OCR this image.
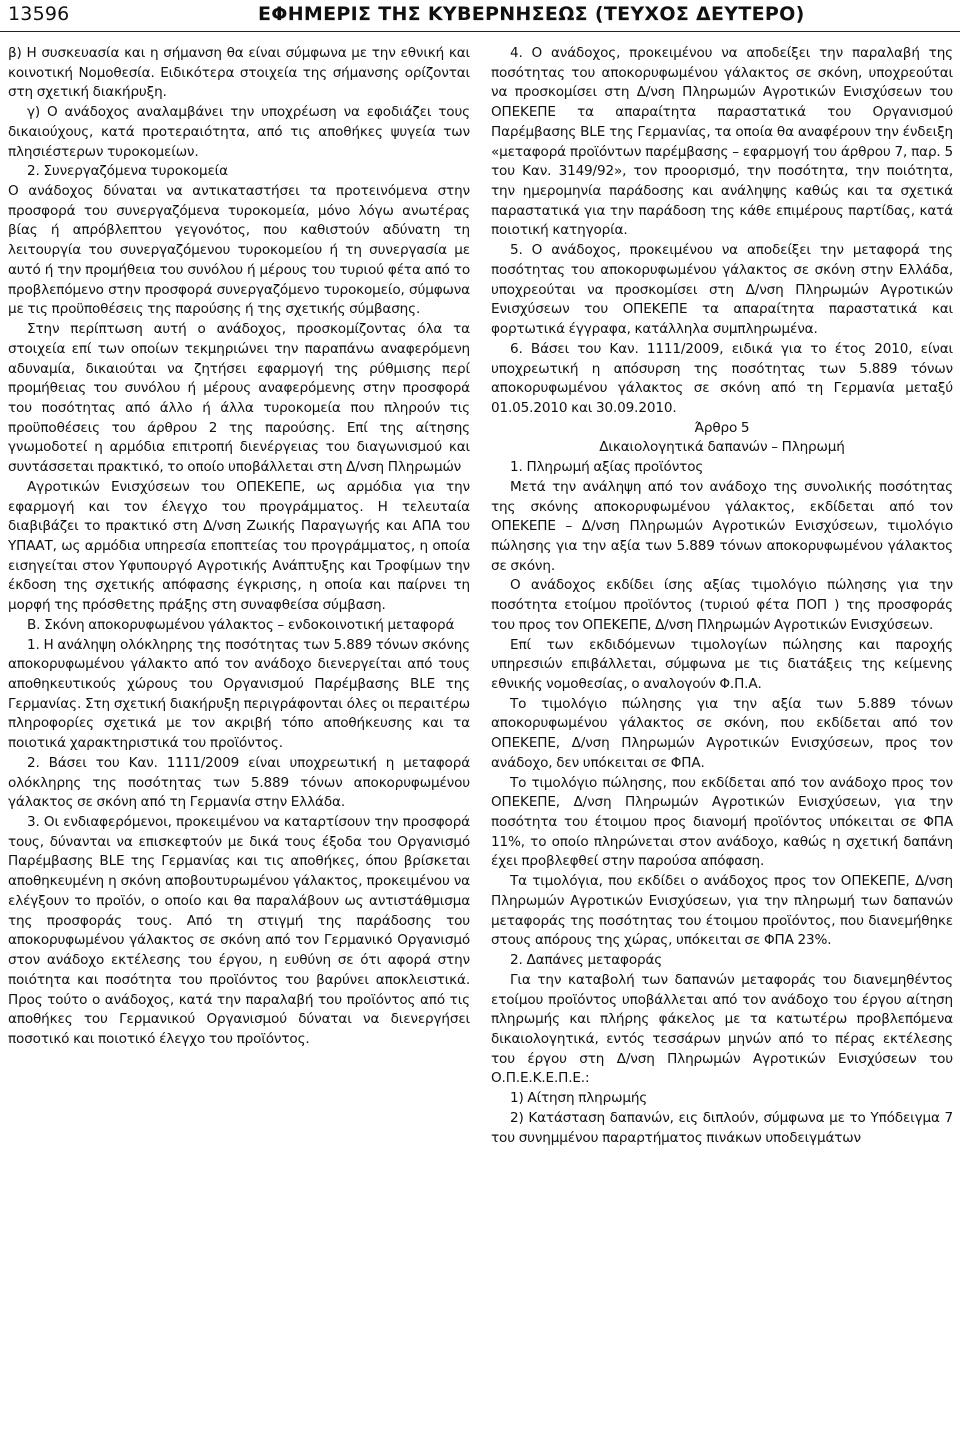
13596	ΕΦΗΜΕΡΙΣ ΤΗΣ ΚΥΒΕΡΝΗΣΕΩΣ (ΤΕΥΧΟΣ ΔΕΥΤΕΡΟ)

β) Η συσκευασία και η σήμανση θα είναι σύμφωνα με την εθνική και κοινοτική Νομοθεσία. Ειδικότερα στοιχεία της σήμανσης ορίζονται στη σχετική διακήρυξη.

γ) Ο ανάδοχος αναλαμβάνει την υποχρέωση να εφοδιάζει τους δικαιούχους, κατά προτεραιότητα, από τις αποθήκες ψυγεία των πλησιέστερων τυροκομείων.

2. Συνεργαζόμενα τυροκομεία

Ο ανάδοχος δύναται να αντικαταστήσει τα προτεινόμενα στην προσφορά του συνεργαζόμενα τυροκομεία, μόνο λόγω ανωτέρας βίας ή απρόβλεπτου γεγονότος, που καθιστούν αδύνατη τη λειτουργία του συνεργαζόμενου τυροκομείου ή τη συνεργασία με αυτό ή την προμήθεια του συνόλου ή μέρους του τυριού φέτα από το προβλεπόμενο στην προσφορά συνεργαζόμενο τυροκομείο, σύμφωνα με τις προϋποθέσεις της παρούσης ή της σχετικής σύμβασης.

Στην περίπτωση αυτή ο ανάδοχος, προσκομίζοντας όλα τα στοιχεία επί των οποίων τεκμηριώνει την παραπάνω αναφερόμενη αδυναμία, δικαιούται να ζητήσει εφαρμογή της ρύθμισης περί προμήθειας του συνόλου ή μέρους αναφερόμενης στην προσφορά του ποσότητας από άλλο ή άλλα τυροκομεία που πληρούν τις προϋποθέσεις του άρθρου 2 της παρούσης. Επί της αίτησης γνωμοδοτεί η αρμόδια επιτροπή διενέργειας του διαγωνισμού και συντάσσεται πρακτικό, το οποίο υποβάλλεται στη Δ/νση Πληρωμών

Αγροτικών Ενισχύσεων του ΟΠΕΚΕΠΕ, ως αρμόδια για την εφαρμογή και τον έλεγχο του προγράμματος. Η τελευταία διαβιβάζει το πρακτικό στη Δ/νση Ζωικής Παραγωγής και ΑΠΑ του ΥΠΑΑΤ, ως αρμόδια υπηρεσία εποπτείας του προγράμματος, η οποία εισηγείται στον Υφυπουργό Αγροτικής Ανάπτυξης και Τροφίμων την έκδοση της σχετικής απόφασης έγκρισης, η οποία και παίρνει τη μορφή της πρόσθετης πράξης στη συναφθείσα σύμβαση.

Β. Σκόνη αποκορυφωμένου γάλακτος – ενδοκοινοτική μεταφορά

1. Η ανάληψη ολόκληρης της ποσότητας των 5.889 τόνων σκόνης αποκορυφωμένου γάλακτο από τον ανάδοχο διενεργείται από τους αποθηκευτικούς χώρους του Οργανισμού Παρέμβασης BLE της Γερμανίας. Στη σχετική διακήρυξη περιγράφονται όλες οι περαιτέρω πληροφορίες σχετικά με τον ακριβή τόπο αποθήκευσης και τα ποιοτικά χαρακτηριστικά του προϊόντος.

2. Βάσει του Καν. 1111/2009 είναι υποχρεωτική η μεταφορά ολόκληρης της ποσότητας των 5.889 τόνων αποκορυφωμένου γάλακτος σε σκόνη από τη Γερμανία στην Ελλάδα.

3. Οι ενδιαφερόμενοι, προκειμένου να καταρτίσουν την προσφορά τους, δύνανται να επισκεφτούν με δικά τους έξοδα του Οργανισμό Παρέμβασης BLE της Γερμανίας και τις αποθήκες, όπου βρίσκεται αποθηκευμένη η σκόνη αποβουτυρωμένου γάλακτος, προκειμένου να ελέγξουν το προϊόν, ο οποίο και θα παραλάβουν ως αντιστάθμισμα της προσφοράς τους. Από τη στιγμή της παράδοσης του αποκορυφωμένου γάλακτος σε σκόνη από τον Γερμανικό Οργανισμό στον ανάδοχο εκτέλεσης του έργου, η ευθύνη σε ότι αφορά στην ποιότητα και ποσότητα του προϊόντος του βαρύνει αποκλειστικά. Προς τούτο ο ανάδοχος, κατά την παραλαβή του προϊόντος από τις αποθήκες του Γερμανικού Οργανισμού δύναται να διενεργήσει ποσοτικό και ποιοτικό έλεγχο του προϊόντος.

4. Ο ανάδοχος, προκειμένου να αποδείξει την παραλαβή της ποσότητας του αποκορυφωμένου γάλακτος σε σκόνη, υποχρεούται να προσκομίσει στη Δ/νση Πληρωμών Αγροτικών Ενισχύσεων του ΟΠΕΚΕΠΕ τα απαραίτητα παραστατικά του Οργανισμού Παρέμβασης BLE της Γερμανίας, τα οποία θα αναφέρουν την ένδειξη «μεταφορά προϊόντων παρέμβασης – εφαρμογή του άρθρου 7, παρ. 5 του Καν. 3149/92», τον προορισμό, την ποσότητα, την ποιότητα, την ημερομηνία παράδοσης και ανάληψης καθώς και τα σχετικά παραστατικά για την παράδοση της κάθε επιμέρους παρτίδας, κατά ποιοτική κατηγορία.

5. Ο ανάδοχος, προκειμένου να αποδείξει την μεταφορά της ποσότητας του αποκορυφωμένου γάλακτος σε σκόνη στην Ελλάδα, υποχρεούται να προσκομίσει στη Δ/νση Πληρωμών Αγροτικών Ενισχύσεων του ΟΠΕΚΕΠΕ τα απαραίτητα παραστατικά και φορτωτικά έγγραφα, κατάλληλα συμπληρωμένα.

6. Βάσει του Καν. 1111/2009, ειδικά για το έτος 2010, είναι υποχρεωτική η απόσυρση της ποσότητας των 5.889 τόνων αποκορυφωμένου γάλακτος σε σκόνη από τη Γερμανία μεταξύ 01.05.2010 και 30.09.2010.

Άρθρο 5

Δικαιολογητικά δαπανών – Πληρωμή

1. Πληρωμή αξίας προϊόντος

Μετά την ανάληψη από τον ανάδοχο της συνολικής ποσότητας της σκόνης αποκορυφωμένου γάλακτος, εκδίδεται από τον ΟΠΕΚΕΠΕ – Δ/νση Πληρωμών Αγροτικών Ενισχύσεων, τιμολόγιο πώλησης για την αξία των 5.889 τόνων αποκορυφωμένου γάλακτος σε σκόνη.

Ο ανάδοχος εκδίδει ίσης αξίας τιμολόγιο πώλησης για την ποσότητα ετοίμου προϊόντος (τυριού φέτα ΠΟΠ ) της προσφοράς του προς τον ΟΠΕΚΕΠΕ, Δ/νση Πληρωμών Αγροτικών Ενισχύσεων.

Επί των εκδιδόμενων τιμολογίων πώλησης και παροχής υπηρεσιών επιβάλλεται, σύμφωνα με τις διατάξεις της κείμενης εθνικής νομοθεσίας, ο αναλογούν Φ.Π.Α.

Το τιμολόγιο πώλησης για την αξία των 5.889 τόνων αποκορυφωμένου γάλακτος σε σκόνη, που εκδίδεται από τον ΟΠΕΚΕΠΕ, Δ/νση Πληρωμών Αγροτικών Ενισχύσεων, προς τον ανάδοχο, δεν υπόκειται σε ΦΠΑ.

Το τιμολόγιο πώλησης, που εκδίδεται από τον ανάδοχο προς τον ΟΠΕΚΕΠΕ, Δ/νση Πληρωμών Αγροτικών Ενισχύσεων, για την ποσότητα του έτοιμου προς διανομή προϊόντος υπόκειται σε ΦΠΑ 11%, το οποίο πληρώνεται στον ανάδοχο, καθώς η σχετική δαπάνη έχει προβλεφθεί στην παρούσα απόφαση.

Τα τιμολόγια, που εκδίδει ο ανάδοχος προς τον ΟΠΕΚΕΠΕ, Δ/νση Πληρωμών Αγροτικών Ενισχύσεων, για την πληρωμή των δαπανών μεταφοράς της ποσότητας του έτοιμου προϊόντος, που διανεμήθηκε στους απόρους της χώρας, υπόκειται σε ΦΠΑ 23%.

2. Δαπάνες μεταφοράς

Για την καταβολή των δαπανών μεταφοράς του διανεμηθέντος ετοίμου προϊόντος υποβάλλεται από τον ανάδοχο του έργου αίτηση πληρωμής και πλήρης φάκελος με τα κατωτέρω προβλεπόμενα δικαιολογητικά, εντός τεσσάρων μηνών από το πέρας εκτέλεσης του έργου στη Δ/νση Πληρωμών Αγροτικών Ενισχύσεων του Ο.Π.Ε.Κ.Ε.Π.Ε.:

1) Αίτηση πληρωμής

2) Κατάσταση δαπανών, εις διπλούν, σύμφωνα με το Υπόδειγμα 7 του συνημμένου παραρτήματος πινάκων υποδειγμάτων
